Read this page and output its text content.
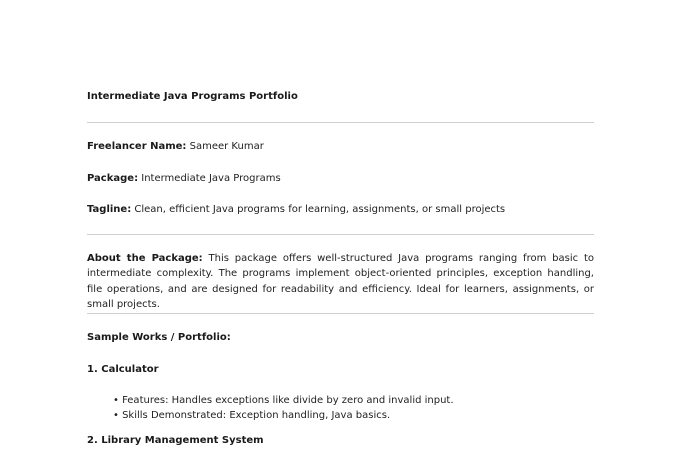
Intermediate Java Programs Portfolio
Freelancer Name: Sameer Kumar
Package: Intermediate Java Programs
Tagline: Clean, efficient Java programs for learning, assignments, or small projects
About the Package: This package offers well-structured Java programs ranging from basic to intermediate complexity. The programs implement object-oriented principles, exception handling, file operations, and are designed for readability and efficiency. Ideal for learners, assignments, or small projects.
Sample Works / Portfolio:
1. Calculator
• Features: Handles exceptions like divide by zero and invalid input.
• Skills Demonstrated: Exception handling, Java basics.
2. Library Management System
